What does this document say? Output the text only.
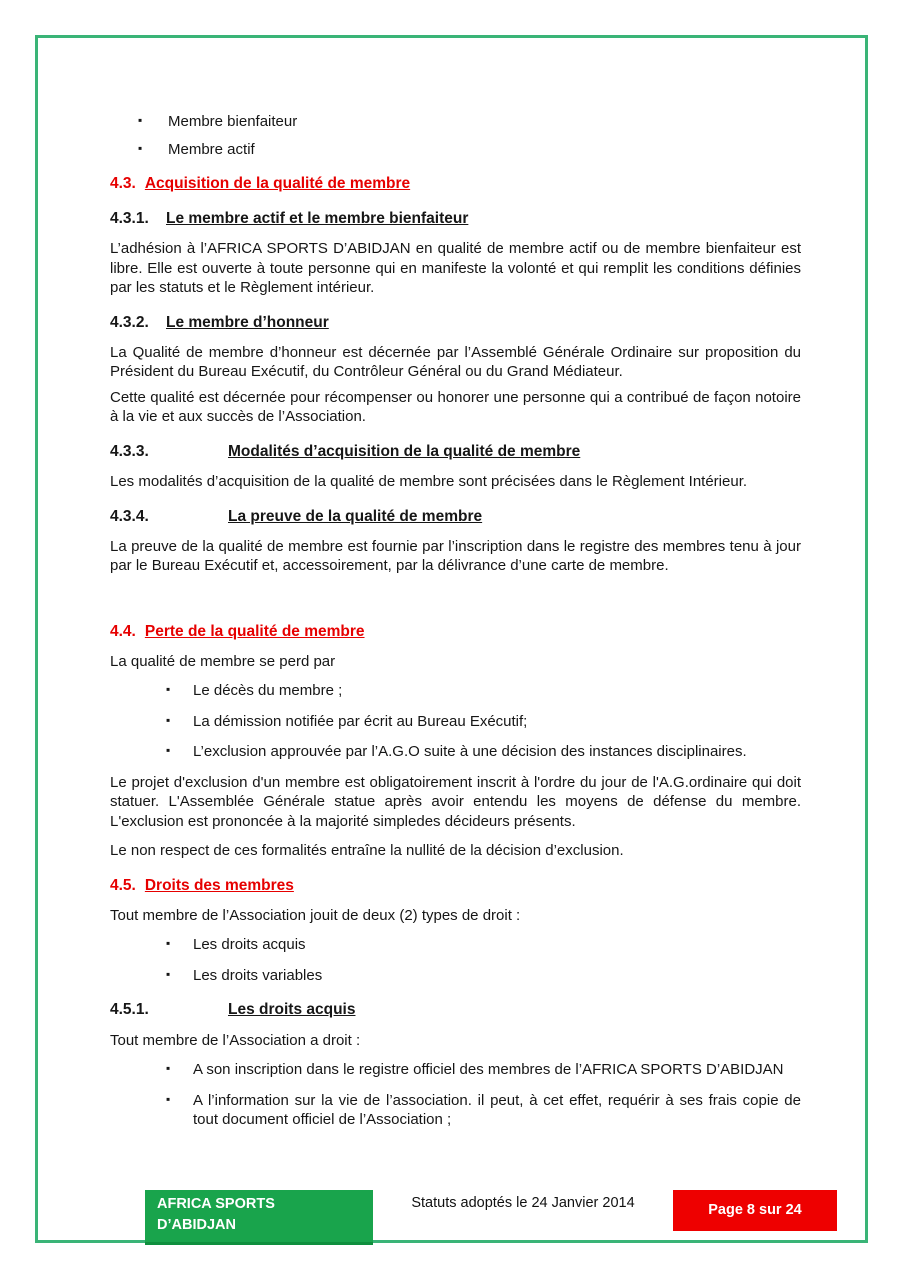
▪	Membre bienfaiteur
▪	Membre actif
4.3. Acquisition de la qualité de membre
4.3.1. Le membre actif et le membre bienfaiteur

L’adhésion à l’AFRICA SPORTS D’ABIDJAN en qualité de membre actif ou de membre bienfaiteur est libre. Elle est ouverte à toute personne qui en manifeste la volonté et qui remplit les conditions définies par les statuts et le Règlement intérieur.

4.3.2. Le membre d’honneur

La Qualité de membre d’honneur est décernée par l’Assemblé Générale Ordinaire sur proposition du Président du Bureau Exécutif, du Contrôleur Général ou du Grand Médiateur.

Cette qualité est décernée pour récompenser ou honorer une personne qui a contribué de façon notoire à la vie et aux succès de l’Association.

4.3.3.	Modalités d’acquisition de la qualité de membre

Les modalités d’acquisition de la qualité de membre sont précisées dans le Règlement Intérieur.

4.3.4.	La preuve de la qualité de membre

La preuve de la qualité de membre est fournie par l’inscription dans le registre des membres tenu à jour par le Bureau Exécutif et, accessoirement, par la délivrance d’une carte de membre.

4.4. Perte de la qualité de membre

La qualité de membre se perd par

▪	Le décès du membre ;
▪	La démission notifiée par écrit au Bureau Exécutif;
▪	L’exclusion approuvée par l’A.G.O suite à une décision des instances disciplinaires.

Le projet d'exclusion d'un membre est obligatoirement inscrit à l'ordre du jour de l'A.G.ordinaire qui doit statuer. L'Assemblée Générale statue après avoir entendu les moyens de défense du membre. L'exclusion est prononcée à la majorité simpledes décideurs présents.

Le non respect de ces formalités entraîne la nullité de la décision d’exclusion.

4.5. Droits des membres

Tout membre de l’Association jouit de deux (2) types de droit :

▪	Les droits acquis
▪	Les droits variables
4.5.1.	Les droits acquis

Tout membre de l’Association a droit :

▪	A son inscription dans le registre officiel des membres de l’AFRICA SPORTS D’ABIDJAN
▪	A l’information sur la vie de l’association. il peut, à cet effet, requérir à ses frais copie de tout document officiel de l’Association ;
AFRICA SPORTS
D’ABIDJAN
Statuts adoptés le 24 Janvier 2014	Page 8 sur 24
